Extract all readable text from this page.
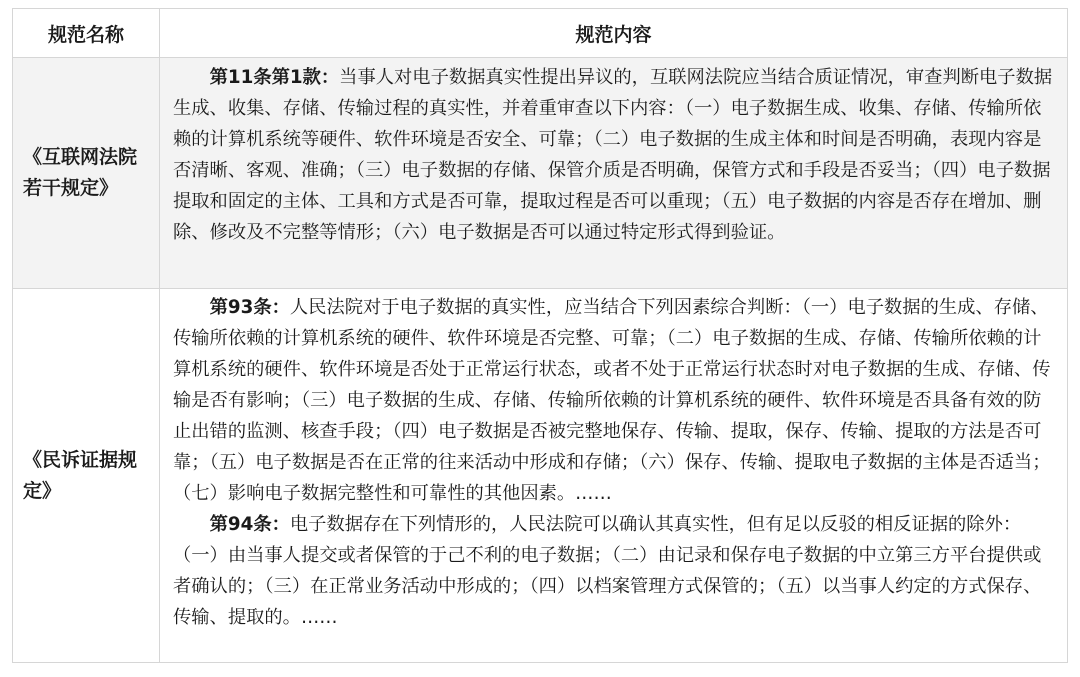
规范名称	规范内容
《互联网法院若干规定》

第11条第1款：当事人对电子数据真实性提出异议的，互联网法院应当结合质证情况，审查判断电子数据生成、收集、存储、传输过程的真实性，并着重审查以下内容：（一）电子数据生成、收集、存储、传输所依赖的计算机系统等硬件、软件环境是否安全、可靠；（二）电子数据的生成主体和时间是否明确，表现内容是否清晰、客观、准确；（三）电子数据的存储、保管介质是否明确，保管方式和手段是否妥当；（四）电子数据提取和固定的主体、工具和方式是否可靠，提取过程是否可以重现；（五）电子数据的内容是否存在增加、删除、修改及不完整等情形；（六）电子数据是否可以通过特定形式得到验证。

《民诉证据规定》

第93条：人民法院对于电子数据的真实性，应当结合下列因素综合判断：（一）电子数据的生成、存储、传输所依赖的计算机系统的硬件、软件环境是否完整、可靠；（二）电子数据的生成、存储、传输所依赖的计算机系统的硬件、软件环境是否处于正常运行状态，或者不处于正常运行状态时对电子数据的生成、存储、传输是否有影响；（三）电子数据的生成、存储、传输所依赖的计算机系统的硬件、软件环境是否具备有效的防止出错的监测、核查手段；（四）电子数据是否被完整地保存、传输、提取，保存、传输、提取的方法是否可靠；（五）电子数据是否在正常的往来活动中形成和存储；（六）保存、传输、提取电子数据的主体是否适当；（七）影响电子数据完整性和可靠性的其他因素。……

第94条：电子数据存在下列情形的，人民法院可以确认其真实性，但有足以反驳的相反证据的除外：（一）由当事人提交或者保管的于己不利的电子数据；（二）由记录和保存电子数据的中立第三方平台提供或者确认的；（三）在正常业务活动中形成的；（四）以档案管理方式保管的；（五）以当事人约定的方式保存、传输、提取的。……
